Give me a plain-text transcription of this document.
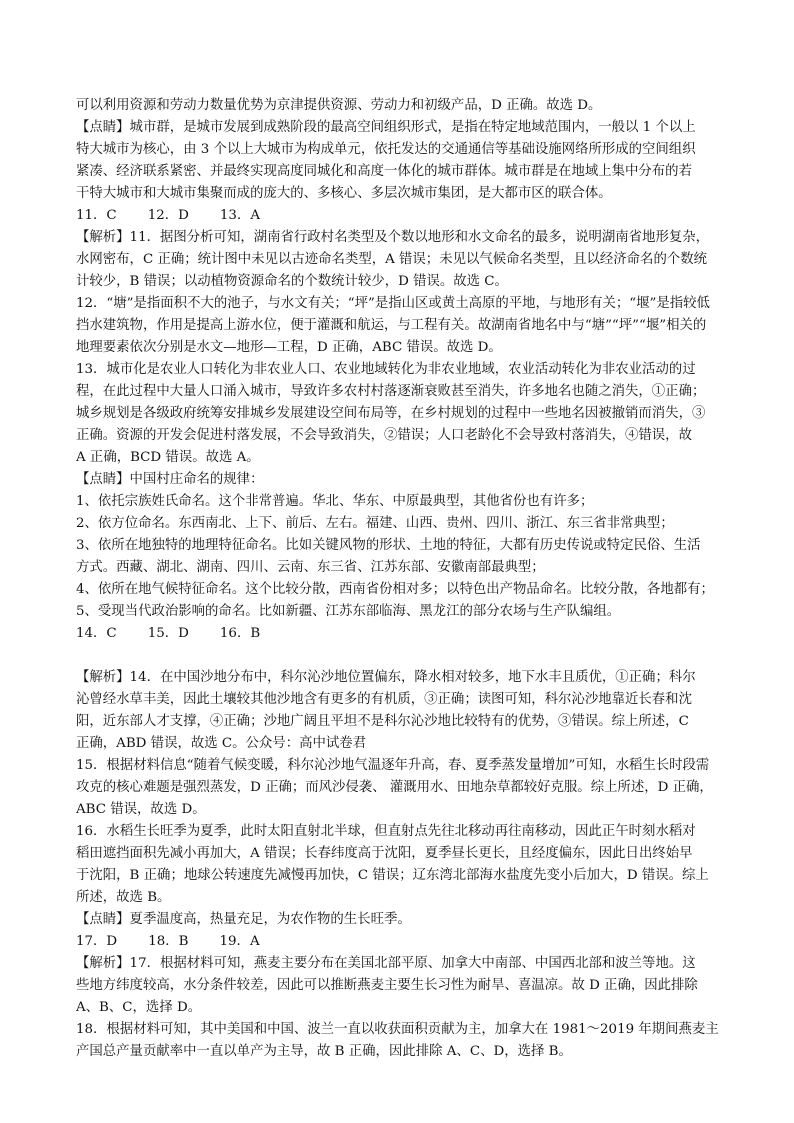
可以利用资源和劳动力数量优势为京津提供资源、劳动力和初级产品，D 正确。故选 D。
【点睛】城市群，是城市发展到成熟阶段的最高空间组织形式，是指在特定地域范围内，一般以 1 个以上
特大城市为核心，由 3 个以上大城市为构成单元，依托发达的交通通信等基础设施网络所形成的空间组织
紧凑、经济联系紧密、并最终实现高度同城化和高度一体化的城市群体。城市群是在地域上集中分布的若
干特大城市和大城市集聚而成的庞大的、多核心、多层次城市集团，是大都市区的联合体。
11．C 　　12．D 　　13．A
【解析】11．据图分析可知，湖南省行政村名类型及个数以地形和水文命名的最多，说明湖南省地形复杂，
水网密布，C 正确；统计图中未见以古迹命名类型，A 错误；未见以气候命名类型，且以经济命名的个数统
计较少，B 错误；以动植物资源命名的个数统计较少，D 错误。故选 C。
12．“塘”是指面积不大的池子，与水文有关；“坪”是指山区或黄土高原的平地，与地形有关；“堰”是指较低
挡水建筑物，作用是提高上游水位，便于灌溉和航运，与工程有关。故湖南省地名中与“塘”“坪”“堰”相关的
地理要素依次分别是水文—地形—工程，D 正确，ABC 错误。故选 D。
13．城市化是农业人口转化为非农业人口、农业地域转化为非农业地域，农业活动转化为非农业活动的过
程，在此过程中大量人口涌入城市，导致许多农村村落逐渐衰败甚至消失，许多地名也随之消失，①正确；
城乡规划是各级政府统筹安排城乡发展建设空间布局等，在乡村规划的过程中一些地名因被撤销而消失，③
正确。资源的开发会促进村落发展，不会导致消失，②错误；人口老龄化不会导致村落消失，④错误，故
A 正确，BCD 错误。故选 A。
【点睛】中国村庄命名的规律：
1、依托宗族姓氏命名。这个非常普遍。华北、华东、中原最典型，其他省份也有许多；
2、依方位命名。东西南北、上下、前后、左右。福建、山西、贵州、四川、浙江、东三省非常典型；
3、依所在地独特的地理特征命名。比如关键风物的形状、土地的特征，大都有历史传说或特定民俗、生活
方式。西藏、湖北、湖南、四川、云南、东三省、江苏东部、安徽南部最典型；
4、依所在地气候特征命名。这个比较分散，西南省份相对多；以特色出产物品命名。比较分散，各地都有；
5、受现当代政治影响的命名。比如新疆、江苏东部临海、黑龙江的部分农场与生产队编组。
14．C 　　15．D 　　16．B
【解析】14．在中国沙地分布中，科尔沁沙地位置偏东，降水相对较多，地下水丰且质优，①正确；科尔
沁曾经水草丰美，因此土壤较其他沙地含有更多的有机质，③正确；读图可知，科尔沁沙地靠近长春和沈
阳，近东部人才支撑，④正确；沙地广阔且平坦不是科尔沁沙地比较特有的优势，③错误。综上所述，C
正确，ABD 错误，故选 C。公众号：高中试卷君
15．根据材料信息“随着气候变暖，科尔沁沙地气温逐年升高，春、夏季蒸发量增加”可知，水稻生长时段需
攻克的核心难题是强烈蒸发，D 正确；而风沙侵袭、 灌溉用水、田地杂草都较好克服。综上所述，D 正确，
ABC 错误，故选 D。
16．水稻生长旺季为夏季，此时太阳直射北半球，但直射点先往北移动再往南移动，因此正午时刻水稻对
稻田遮挡面积先减小再加大，A 错误；长春纬度高于沈阳，夏季昼长更长，且经度偏东，因此日出终始早
于沈阳，B 正确；地球公转速度先减慢再加快，C 错误；辽东湾北部海水盐度先变小后加大，D 错误。综上
所述，故选 B。
【点睛】夏季温度高，热量充足，为农作物的生长旺季。
17．D 　　18．B 　　19．A
【解析】17．根据材料可知，燕麦主要分布在美国北部平原、加拿大中南部、中国西北部和波兰等地。这
些地方纬度较高，水分条件较差，因此可以推断燕麦主要生长习性为耐旱、喜温凉。故 D 正确，因此排除
A、B、C，选择 D。
18．根据材料可知，其中美国和中国、波兰一直以收获面积贡献为主，加拿大在 1981～2019 年期间燕麦主
产国总产量贡献率中一直以单产为主导，故 B 正确，因此排除 A、C、D，选择 B。
